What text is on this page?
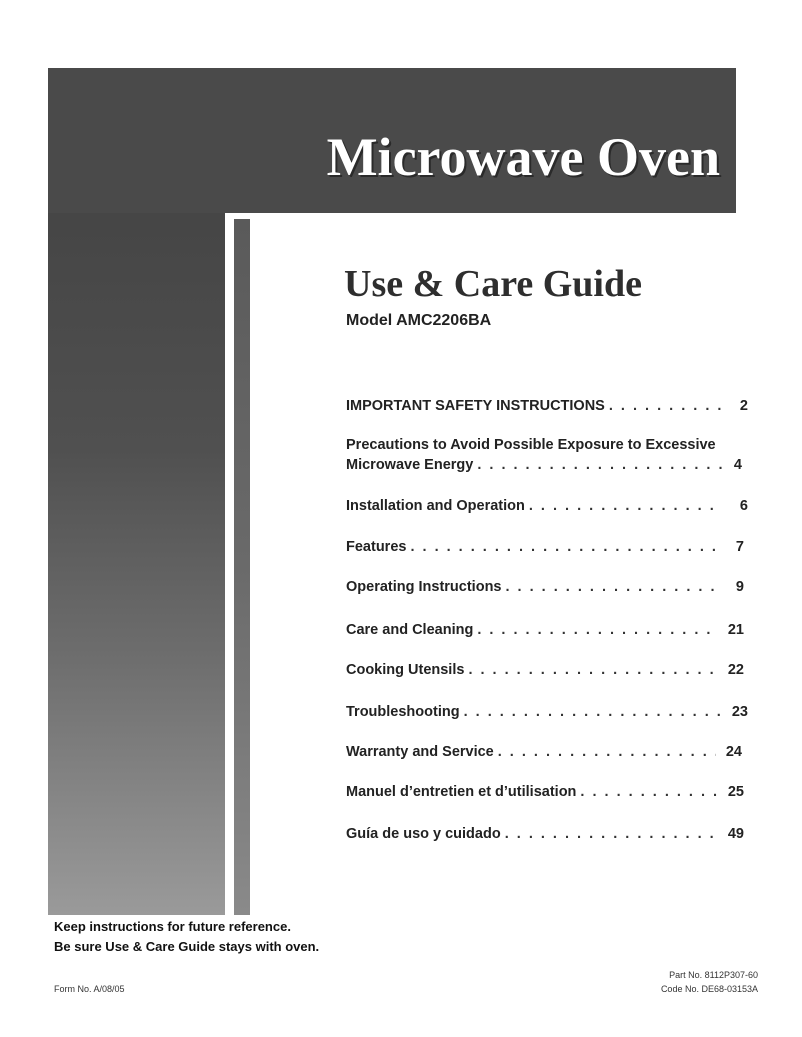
Microwave Oven
Use & Care Guide
Model AMC2206BA
IMPORTANT SAFETY INSTRUCTIONS . . .	2
Precautions to Avoid Possible Exposure to Excessive
Microwave Energy . . .	4
Installation and Operation . . .	6
Features . . .	7
Operating Instructions . . .	9
Care and Cleaning . . .	21
Cooking Utensils . . .	22
Troubleshooting . . .	23
Warranty and Service . . .	24
Manuel d’entretien et d’utilisation . . .	25
Guía de uso y cuidado . . .	49
Keep instructions for future reference.
Be sure Use & Care Guide stays with oven.
Form No. A/08/05
Part No. 8112P307-60
Code No. DE68-03153A
